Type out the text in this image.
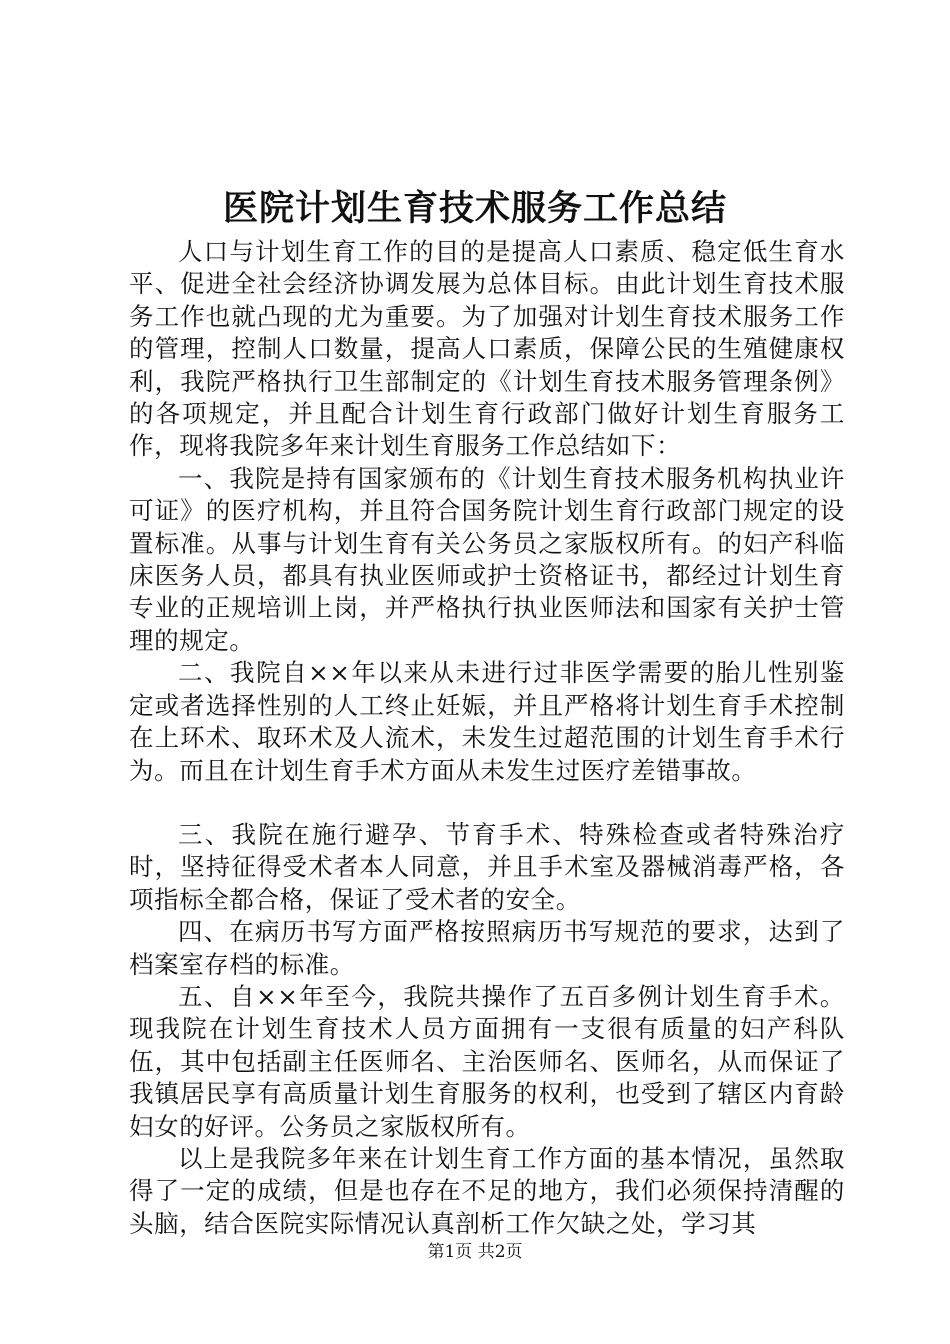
医院计划生育技术服务工作总结

人口与计划生育工作的目的是提高人口素质、稳定低生育水平、促进全社会经济协调发展为总体目标。由此计划生育技术服务工作也就凸现的尤为重要。为了加强对计划生育技术服务工作的管理，控制人口数量，提高人口素质，保障公民的生殖健康权利，我院严格执行卫生部制定的《计划生育技术服务管理条例》的各项规定，并且配合计划生育行政部门做好计划生育服务工作，现将我院多年来计划生育服务工作总结如下：

一、我院是持有国家颁布的《计划生育技术服务机构执业许可证》的医疗机构，并且符合国务院计划生育行政部门规定的设置标准。从事与计划生育有关公务员之家版权所有。的妇产科临床医务人员，都具有执业医师或护士资格证书，都经过计划生育专业的正规培训上岗，并严格执行执业医师法和国家有关护士管理的规定。

二、我院自××年以来从未进行过非医学需要的胎儿性别鉴定或者选择性别的人工终止妊娠，并且严格将计划生育手术控制在上环术、取环术及人流术，未发生过超范围的计划生育手术行为。而且在计划生育手术方面从未发生过医疗差错事故。

三、我院在施行避孕、节育手术、特殊检查或者特殊治疗时，坚持征得受术者本人同意，并且手术室及器械消毒严格，各项指标全都合格，保证了受术者的安全。

四、在病历书写方面严格按照病历书写规范的要求，达到了档案室存档的标准。

五、自××年至今，我院共操作了五百多例计划生育手术。现我院在计划生育技术人员方面拥有一支很有质量的妇产科队伍，其中包括副主任医师名、主治医师名、医师名，从而保证了我镇居民享有高质量计划生育服务的权利，也受到了辖区内育龄妇女的好评。公务员之家版权所有。

以上是我院多年来在计划生育工作方面的基本情况，虽然取得了一定的成绩，但是也存在不足的地方，我们必须保持清醒的头脑，结合医院实际情况认真剖析工作欠缺之处，学习其

第1页 共2页
